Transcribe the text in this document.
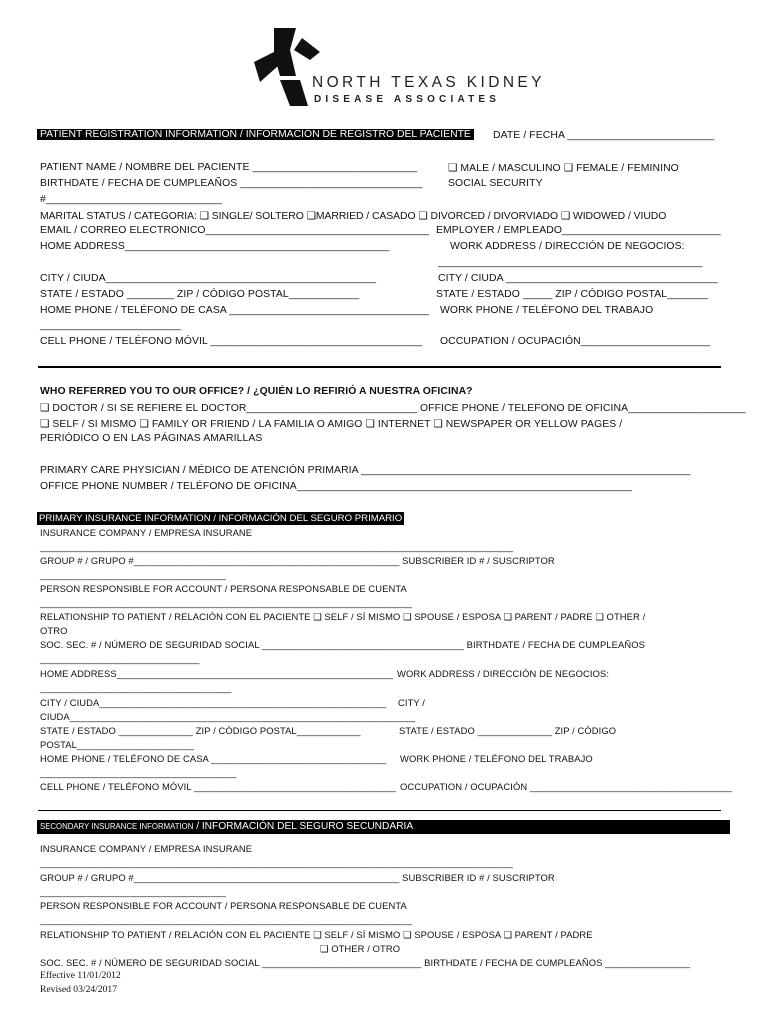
NORTH TEXAS KIDNEY
DISEASE ASSOCIATES
PATIENT REGISTRATION INFORMATION / INFORMACIÓN DE REGISTRO DEL PACIENTE DATE / FECHA _________________________
PATIENT NAME / NOMBRE DEL PACIENTE ____________________________	❑ MALE / MASCULINO ❑ FEMALE / FEMININO
BIRTHDATE / FECHA DE CUMPLEAÑOS _______________________________ SOCIAL SECURITY
#______________________________
MARITAL STATUS / CATEGORIA: ❑ SINGLE/ SOLTERO ❑MARRIED / CASADO ❑ DIVORCED / DIVORVIADO ❑ WIDOWED / VIUDO
EMAIL / CORREO ELECTRONICO______________________________________ EMPLOYER / EMPLEADO___________________________
HOME ADDRESS_____________________________________________	WORK ADDRESS / DIRECCIÓN DE NEGOCIOS:
_____________________________________________
CITY / CIUDA______________________________________________	CITY / CIUDA ____________________________________
STATE / ESTADO ________ ZIP / CÓDIGO POSTAL____________	STATE / ESTADO _____ ZIP / CÓDIGO POSTAL_______
HOME PHONE / TELÉFONO DE CASA __________________________________ WORK PHONE / TELÉFONO DEL TRABAJO
________________________
CELL PHONE / TELÉFONO MÓVIL ____________________________________ OCCUPATION / OCUPACIÓN______________________
WHO REFERRED YOU TO OUR OFFICE? / ¿QUIÉN LO REFIRIÓ A NUESTRA OFICINA?
❑ DOCTOR / SI SE REFIERE EL DOCTOR_____________________________ OFFICE PHONE / TELEFONO DE OFICINA____________________
❑ SELF / SI MISMO ❑ FAMILY OR FRIEND / LA FAMILIA O AMIGO ❑ INTERNET ❑ NEWSPAPER OR YELLOW PAGES /
PERIÓDICO O EN LAS PÁGINAS AMARILLAS
PRIMARY CARE PHYSICIAN / MÉDICO DE ATENCIÓN PRIMARIA ________________________________________________________
OFFICE PHONE NUMBER / TELÉFONO DE OFICINA_________________________________________________________
PRIMARY INSURANCE INFORMATION / INFORMACIÓN DEL SEGURO PRIMARIO
INSURANCE COMPANY / EMPRESA INSURANE
_________________________________________________________________________________________
GROUP # / GRUPO #__________________________________________________ SUBSCRIBER ID # / SUSCRIPTOR
___________________________________
PERSON RESPONSIBLE FOR ACCOUNT / PERSONA RESPONSABLE DE CUENTA
______________________________________________________________________
RELATIONSHIP TO PATIENT / RELACIÓN CON EL PACIENTE ❑ SELF / SÍ MISMO ❑ SPOUSE / ESPOSA ❑ PARENT / PADRE ❑ OTHER /
OTRO
SOC. SEC. # / NÚMERO DE SEGURIDAD SOCIAL ______________________________________ BIRTHDATE / FECHA DE CUMPLEAÑOS
______________________________
HOME ADDRESS____________________________________________________ WORK ADDRESS / DIRECCIÓN DE NEGOCIOS:
____________________________________
CITY / CIUDA______________________________________________________ CITY /
CIUDA_________________________________________________________________
STATE / ESTADO ______________ ZIP / CÓDIGO POSTAL____________	STATE / ESTADO ______________ ZIP / CÓDIGO
POSTAL______________________
HOME PHONE / TELÉFONO DE CASA _________________________________ WORK PHONE / TELÉFONO DEL TRABAJO
_____________________________________
CELL PHONE / TELÉFONO MÓVIL ______________________________________ OCCUPATION / OCUPACIÓN ______________________________________
SECONDARY INSURANCE INFORMATION / INFORMACIÓN DEL SEGURO SECUNDARIA
INSURANCE COMPANY / EMPRESA INSURANE
_________________________________________________________________________________________
GROUP # / GRUPO #__________________________________________________ SUBSCRIBER ID # / SUSCRIPTOR
___________________________________
PERSON RESPONSIBLE FOR ACCOUNT / PERSONA RESPONSABLE DE CUENTA
______________________________________________________________________
RELATIONSHIP TO PATIENT / RELACIÓN CON EL PACIENTE ❑ SELF / SÍ MISMO ❑ SPOUSE / ESPOSA ❑ PARENT / PADRE
❑ OTHER / OTRO
SOC. SEC. # / NÚMERO DE SEGURIDAD SOCIAL ______________________________ BIRTHDATE / FECHA DE CUMPLEAÑOS ________________
Effective 11/01/2012
Revised 03/24/2017
